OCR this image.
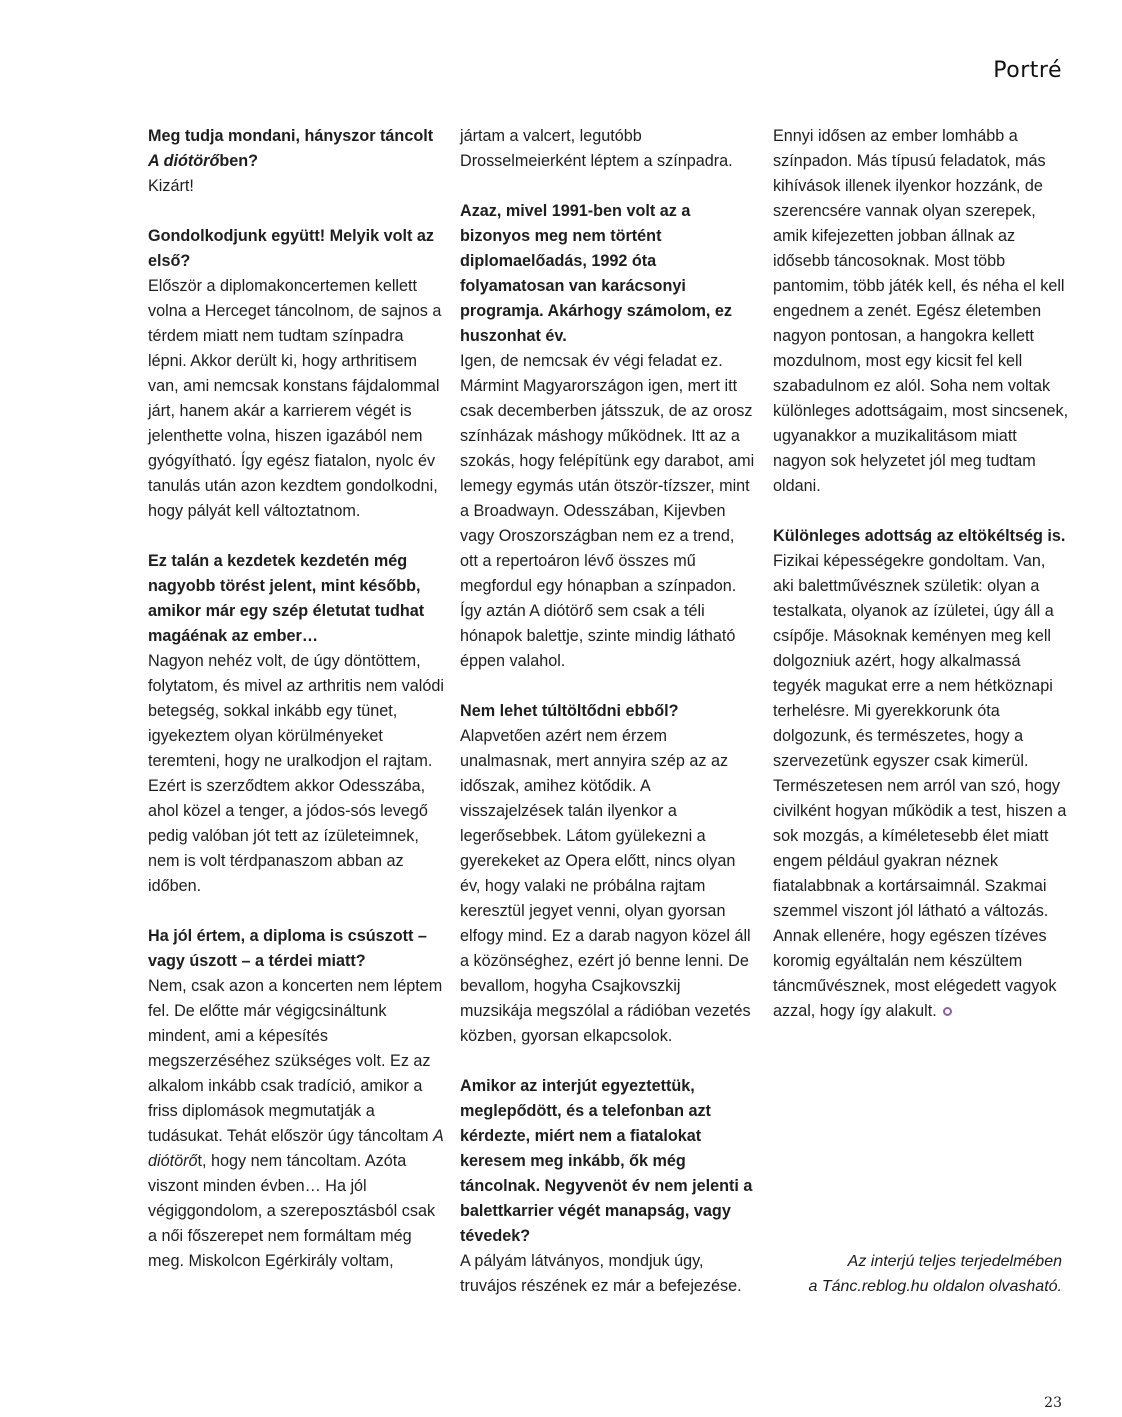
Portré
Meg tudja mondani, hányszor táncolt A diótörőben?
Kizárt!
Gondolkodjunk együtt! Melyik volt az első?
Először a diplomakoncertemen kellett volna a Herceget táncolnom, de sajnos a térdem miatt nem tudtam színpadra lépni. Akkor derült ki, hogy arthritisem van, ami nemcsak konstans fájdalommal járt, hanem akár a karrierem végét is jelenthette volna, hiszen igazából nem gyógyítható. Így egész fiatalon, nyolc év tanulás után azon kezdtem gondolkodni, hogy pályát kell változtatnom.
Ez talán a kezdetek kezdetén még nagyobb törést jelent, mint később, amikor már egy szép életutat tudhat magáénak az ember…
Nagyon nehéz volt, de úgy döntöttem, folytatom, és mivel az arthritis nem valódi betegség, sokkal inkább egy tünet, igyekeztem olyan körülményeket teremteni, hogy ne uralkodjon el rajtam. Ezért is szerződtem akkor Odesszába, ahol közel a tenger, a jódos-sós levegő pedig valóban jót tett az ízületeimnek, nem is volt térdpanaszom abban az időben.
Ha jól értem, a diploma is csúszott – vagy úszott – a térdei miatt?
Nem, csak azon a koncerten nem léptem fel. De előtte már végigcsináltunk mindent, ami a képesítés megszerzéséhez szükséges volt. Ez az alkalom inkább csak tradíció, amikor a friss diplomások megmutatják a tudásukat. Tehát először úgy táncoltam A diótörőt, hogy nem táncoltam. Azóta viszont minden évben… Ha jól végiggondolom, a szereposztásból csak a női főszerepet nem formáltam még meg. Miskolcon Egérkirály voltam,
jártam a valcert, legutóbb Drosselmeierként léptem a színpadra.
Azaz, mivel 1991-ben volt az a bizonyos meg nem történt diplomaelőadás, 1992 óta folyamatosan van karácsonyi programja. Akárhogy számolom, ez huszonhat év.
Igen, de nemcsak év végi feladat ez. Mármint Magyarországon igen, mert itt csak decemberben játsszuk, de az orosz színházak máshogy működnek. Itt az a szokás, hogy felépítünk egy darabot, ami lemegy egymás után ötször-tízszer, mint a Broadwayn. Odesszában, Kijevben vagy Oroszországban nem ez a trend, ott a repertoáron lévő összes mű megfordul egy hónapban a színpadon. Így aztán A diótörő sem csak a téli hónapok balettje, szinte mindig látható éppen valahol.
Nem lehet túltöltődni ebből?
Alapvetően azért nem érzem unalmasnak, mert annyira szép az az időszak, amihez kötődik. A visszajelzések talán ilyenkor a legerősebbek. Látom gyülekezni a gyerekeket az Opera előtt, nincs olyan év, hogy valaki ne próbálna rajtam keresztül jegyet venni, olyan gyorsan elfogy mind. Ez a darab nagyon közel áll a közönséghez, ezért jó benne lenni. De bevallom, hogyha Csajkovszkij muzsikája megszólal a rádióban vezetés közben, gyorsan elkapcsolok.
Amikor az interjút egyeztettük, meglepődött, és a telefonban azt kérdezte, miért nem a fiatalokat keresem meg inkább, ők még táncolnak. Negyvenöt év nem jelenti a balettkarrier végét manapság, vagy tévedek?
A pályám látványos, mondjuk úgy, truvájos részének ez már a befejezése.
Ennyi idősen az ember lomhább a színpadon. Más típusú feladatok, más kihívások illenek ilyenkor hozzánk, de szerencsére vannak olyan szerepek, amik kifejezetten jobban állnak az idősebb táncosoknak. Most több pantomim, több játék kell, és néha el kell engednem a zenét. Egész életemben nagyon pontosan, a hangokra kellett mozdulnom, most egy kicsit fel kell szabadulnom ez alól. Soha nem voltak különleges adottságaim, most sincsenek, ugyanakkor a muzikalitásom miatt nagyon sok helyzetet jól meg tudtam oldani.
Különleges adottság az eltökéltség is.
Fizikai képességekre gondoltam. Van, aki balettművésznek születik: olyan a testalkata, olyanok az ízületei, úgy áll a csípője. Másoknak keményen meg kell dolgozniuk azért, hogy alkalmassá tegyék magukat erre a nem hétköznapi terhelésre. Mi gyerekkorunk óta dolgozunk, és természetes, hogy a szervezetünk egyszer csak kimerül. Természetesen nem arról van szó, hogy civilként hogyan működik a test, hiszen a sok mozgás, a kíméletesebb élet miatt engem például gyakran néznek fiatalabbnak a kortársaimnál. Szakmai szemmel viszont jól látható a változás. Annak ellenére, hogy egészen tízéves koromig egyáltalán nem készültem táncművésznek, most elégedett vagyok azzal, hogy így alakult.
Az interjú teljes terjedelmében
a Tánc.reblog.hu oldalon olvasható.
23
